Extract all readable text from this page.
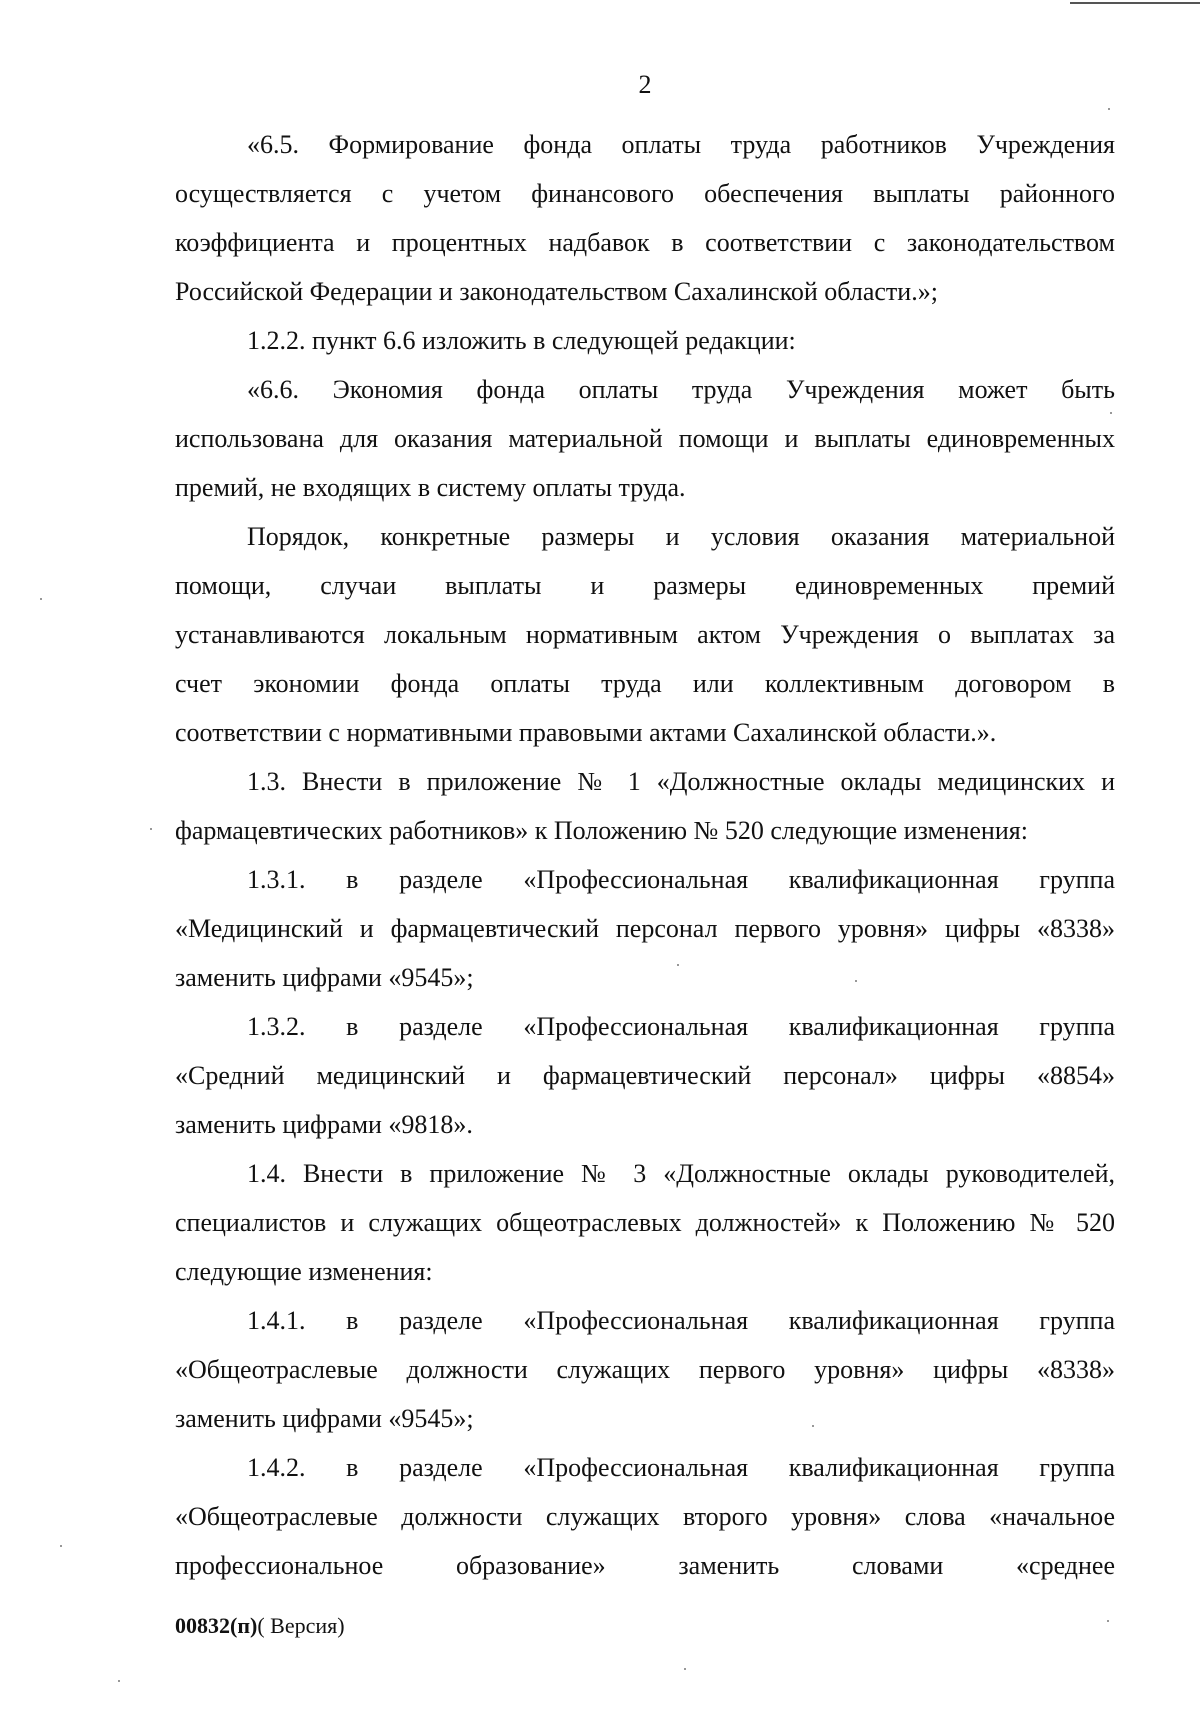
2
«6.5. Формирование фонда оплаты труда работников Учреждения
осуществляется с учетом финансового обеспечения выплаты районного
коэффициента и процентных надбавок в соответствии с законодательством
Российской Федерации и законодательством Сахалинской области.»;
1.2.2. пункт 6.6 изложить в следующей редакции:
«6.6. Экономия фонда оплаты труда Учреждения может быть
использована для оказания материальной помощи и выплаты единовременных
премий, не входящих в систему оплаты труда.
Порядок, конкретные размеры и условия оказания материальной
помощи, случаи выплаты и размеры единовременных премий
устанавливаются локальным нормативным актом Учреждения о выплатах за
счет экономии фонда оплаты труда или коллективным договором в
соответствии с нормативными правовыми актами Сахалинской области.».
1.3. Внести в приложение № 1 «Должностные оклады медицинских и
фармацевтических работников» к Положению № 520 следующие изменения:
1.3.1. в разделе «Профессиональная квалификационная группа
«Медицинский и фармацевтический персонал первого уровня» цифры «8338»
заменить цифрами «9545»;
1.3.2. в разделе «Профессиональная квалификационная группа
«Средний медицинский и фармацевтический персонал» цифры «8854»
заменить цифрами «9818».
1.4. Внести в приложение № 3 «Должностные оклады руководителей,
специалистов и служащих общеотраслевых должностей» к Положению № 520
следующие изменения:
1.4.1. в разделе «Профессиональная квалификационная группа
«Общеотраслевые должности служащих первого уровня» цифры «8338»
заменить цифрами «9545»;
1.4.2. в разделе «Профессиональная квалификационная группа
«Общеотраслевые должности служащих второго уровня» слова «начальное
профессиональное образование» заменить словами «среднее
00832(п)( Версия)
